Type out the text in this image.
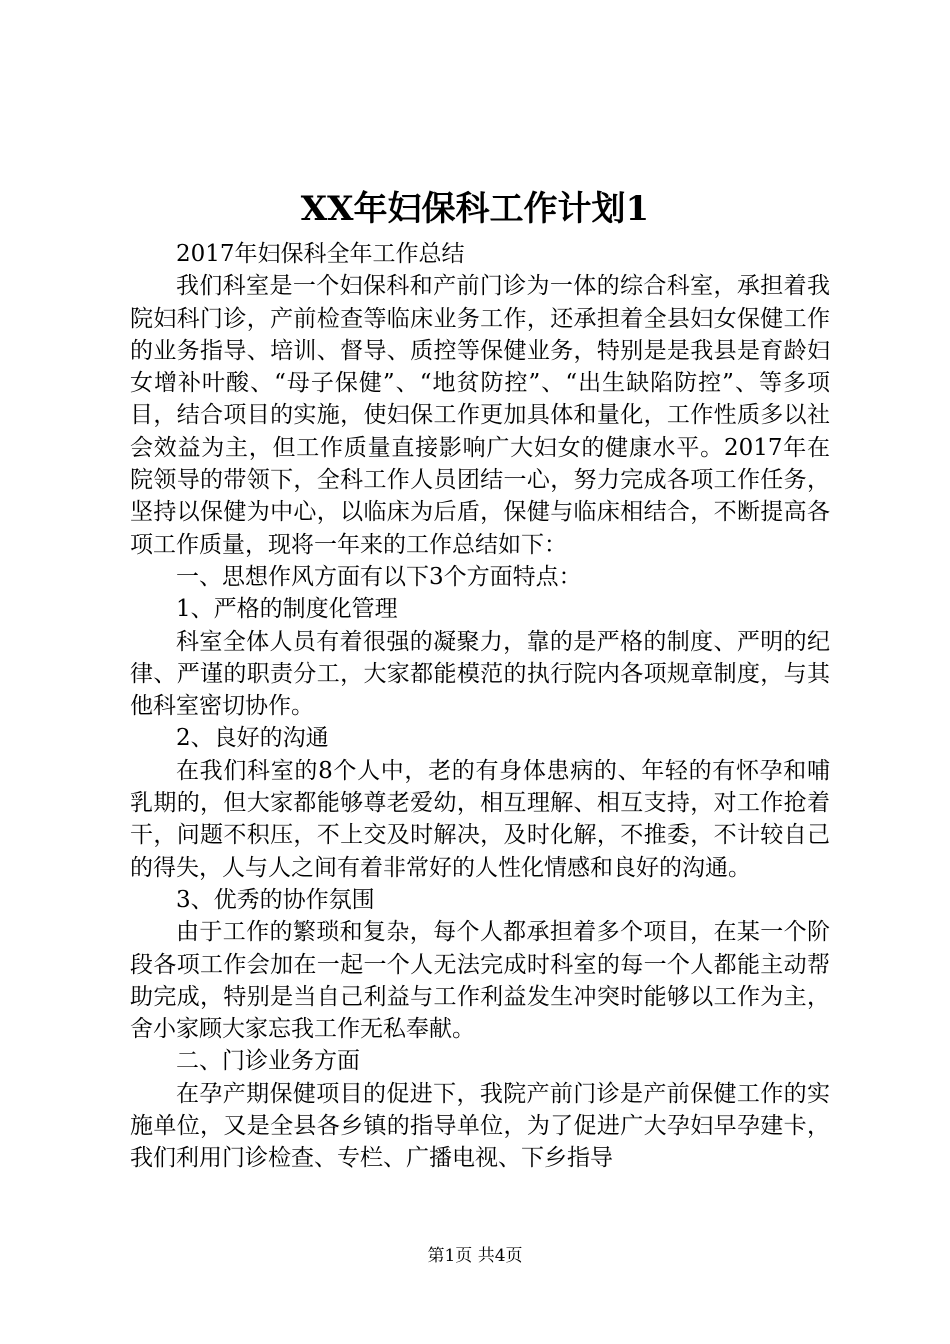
XX年妇保科工作计划1

2017年妇保科全年工作总结

我们科室是一个妇保科和产前门诊为一体的综合科室，承担着我院妇科门诊，产前检查等临床业务工作，还承担着全县妇女保健工作的业务指导、培训、督导、质控等保健业务，特别是是我县是育龄妇女增补叶酸、“母子保健”、“地贫防控”、“出生缺陷防控”、等多项目，结合项目的实施，使妇保工作更加具体和量化，工作性质多以社会效益为主，但工作质量直接影响广大妇女的健康水平。2017年在院领导的带领下，全科工作人员团结一心，努力完成各项工作任务，坚持以保健为中心，以临床为后盾，保健与临床相结合，不断提高各项工作质量，现将一年来的工作总结如下：

一、思想作风方面有以下3个方面特点：

1、严格的制度化管理

科室全体人员有着很强的凝聚力，靠的是严格的制度、严明的纪律、严谨的职责分工，大家都能模范的执行院内各项规章制度，与其他科室密切协作。

2、良好的沟通

在我们科室的8个人中，老的有身体患病的、年轻的有怀孕和哺乳期的，但大家都能够尊老爱幼，相互理解、相互支持，对工作抢着干，问题不积压，不上交及时解决，及时化解，不推委，不计较自己的得失，人与人之间有着非常好的人性化情感和良好的沟通。

3、优秀的协作氛围

由于工作的繁琐和复杂，每个人都承担着多个项目，在某一个阶段各项工作会加在一起一个人无法完成时科室的每一个人都能主动帮助完成，特别是当自己利益与工作利益发生冲突时能够以工作为主，舍小家顾大家忘我工作无私奉献。

二、门诊业务方面

在孕产期保健项目的促进下，我院产前门诊是产前保健工作的实施单位，又是全县各乡镇的指导单位，为了促进广大孕妇早孕建卡，我们利用门诊检查、专栏、广播电视、下乡指导

第1页 共4页
